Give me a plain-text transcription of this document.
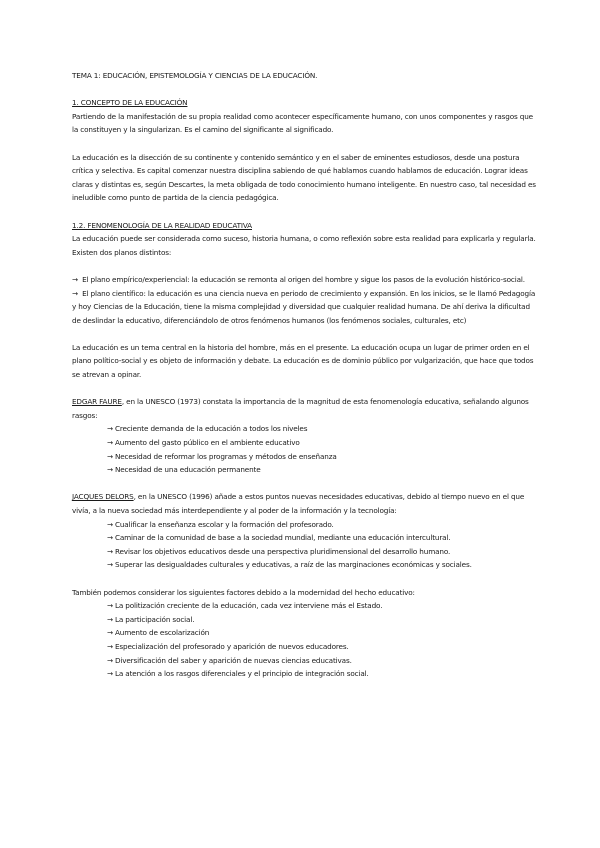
TEMA 1: EDUCACIÓN, EPISTEMOLOGÍA Y CIENCIAS DE LA EDUCACIÓN.

1. CONCEPTO DE LA EDUCACIÓN

Partiendo de la manifestación de su propia realidad como acontecer específicamente humano, con unos componentes y rasgos que la constituyen y la singularizan. Es el camino del significante al significado.

La educación es la disección de su continente y contenido semántico y en el saber de eminentes estudiosos, desde una postura crítica y selectiva. Es capital comenzar nuestra disciplina sabiendo de qué hablamos cuando hablamos de educación. Lograr ideas claras y distintas es, según Descartes, la meta obligada de todo conocimiento humano inteligente. En nuestro caso, tal necesidad es ineludible como punto de partida de la ciencia pedagógica.

1.2. FENOMENOLOGÍA DE LA REALIDAD EDUCATIVA

La educación puede ser considerada como suceso, historia humana, o como reflexión sobre esta realidad para explicarla y regularla. Existen dos planos distintos:

→ El plano empírico/experiencial: la educación se remonta al origen del hombre y sigue los pasos de la evolución histórico-social.

→ El plano científico: la educación es una ciencia nueva en periodo de crecimiento y expansión. En los inicios, se le llamó Pedagogía y hoy Ciencias de la Educación, tiene la misma complejidad y diversidad que cualquier realidad humana. De ahí deriva la dificultad de deslindar la educativo, diferenciándolo de otros fenómenos humanos (los fenómenos sociales, culturales, etc)

La educación es un tema central en la historia del hombre, más en el presente. La educación ocupa un lugar de primer orden en el plano político-social y es objeto de información y debate. La educación es de dominio público por vulgarización, que hace que todos se atrevan a opinar.

EDGAR FAURE, en la UNESCO (1973) constata la importancia de la magnitud de esta fenomenología educativa, señalando algunos rasgos:

→ Creciente demanda de la educación a todos los niveles
→ Aumento del gasto público en el ambiente educativo
→ Necesidad de reformar los programas y métodos de enseñanza
→ Necesidad de una educación permanente

JACQUES DELORS, en la UNESCO (1996) añade a estos puntos nuevas necesidades educativas, debido al tiempo nuevo en el que vivía, a la nueva sociedad más interdependiente y al poder de la información y la tecnología:

→ Cualificar la enseñanza escolar y la formación del profesorado.
→ Caminar de la comunidad de base a la sociedad mundial, mediante una educación intercultural.
→ Revisar los objetivos educativos desde una perspectiva pluridimensional del desarrollo humano.
→ Superar las desigualdades culturales y educativas, a raíz de las marginaciones económicas y sociales.

También podemos considerar los siguientes factores debido a la modernidad del hecho educativo:

→ La politización creciente de la educación, cada vez interviene más el Estado.
→ La participación social.
→ Aumento de escolarización
→ Especialización del profesorado y aparición de nuevos educadores.
→ Diversificación del saber y aparición de nuevas ciencias educativas.
→ La atención a los rasgos diferenciales y el principio de integración social.
